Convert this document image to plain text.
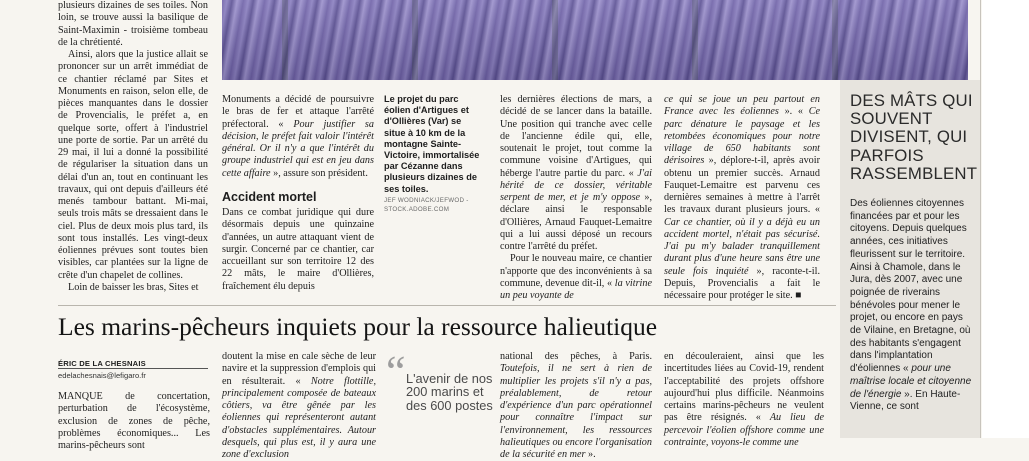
plusieurs dizaines de ses toiles. Non loin, se trouve aussi la basilique de Saint-Maximin - troisième tombeau de la chrétienté.

Ainsi, alors que la justice allait se prononcer sur un arrêt immédiat de ce chantier réclamé par Sites et Monuments en raison, selon elle, de pièces manquantes dans le dossier de Provencialis, le préfet a, en quelque sorte, offert à l'industriel une porte de sortie. Par un arrêté du 29 mai, il lui a donné la possibilité de régulariser la situation dans un délai d'un an, tout en continuant les travaux, qui ont depuis d'ailleurs été menés tambour battant. Mi-mai, seuls trois mâts se dressaient dans le ciel. Plus de deux mois plus tard, ils sont tous installés. Les vingt-deux éoliennes prévues sont toutes bien visibles, car plantées sur la ligne de crête d'un chapelet de collines.

Loin de baisser les bras, Sites et

Monuments a décidé de poursuivre le bras de fer et attaque l'arrêté préfectoral. « Pour justifier sa décision, le préfet fait valoir l'intérêt général. Or il n'y a que l'intérêt du groupe industriel qui est en jeu dans cette affaire », assure son président.

Accident mortel

Dans ce combat juridique qui dure désormais depuis une quinzaine d'années, un autre attaquant vient de surgir. Concerné par ce chantier, car accueillant sur son territoire 12 des 22 mâts, le maire d'Ollières, fraîchement élu depuis

Le projet du parc éolien d'Artigues et d'Ollières (Var) se situe à 10 km de la montagne Sainte-Victoire, immortalisée par Cézanne dans plusieurs dizaines de ses toiles.
JEF WODNIACK/JEFWOD - STOCK.ADOBE.COM

les dernières élections de mars, a décidé de se lancer dans la bataille. Une position qui tranche avec celle de l'ancienne édile qui, elle, soutenait le projet, tout comme la commune voisine d'Artigues, qui héberge l'autre partie du parc. « J'ai hérité de ce dossier, véritable serpent de mer, et je m'y oppose », déclare ainsi le responsable d'Ollières, Arnaud Fauquet-Lemaitre qui a lui aussi déposé un recours contre l'arrêté du préfet.

Pour le nouveau maire, ce chantier n'apporte que des inconvénients à sa commune, devenue dit-il, « la vitrine un peu voyante de

ce qui se joue un peu partout en France avec les éoliennes ». « Ce parc dénature le paysage et les retombées économiques pour notre village de 650 habitants sont dérisoires », déplore-t-il, après avoir obtenu un premier succès. Arnaud Fauquet-Lemaitre est parvenu ces dernières semaines à mettre à l'arrêt les travaux durant plusieurs jours. « Car ce chantier, où il y a déjà eu un accident mortel, n'était pas sécurisé. J'ai pu m'y balader tranquillement durant plus d'une heure sans être une seule fois inquiété », raconte-t-il. Depuis, Provencialis a fait le nécessaire pour protéger le site. ■

DES MÂTS QUI SOUVENT DIVISENT, QUI PARFOIS RASSEMBLENT
Des éoliennes citoyennes financées par et pour les citoyens. Depuis quelques années, ces initiatives fleurissent sur le territoire. Ainsi à Chamole, dans le Jura, dès 2007, avec une poignée de riverains bénévoles pour mener le projet, ou encore en pays de Vilaine, en Bretagne, où des habitants s'engagent dans l'implantation d'éoliennes « pour une maîtrise locale et citoyenne de l'énergie ». En Haute-Vienne, ce sont
Les marins-pêcheurs inquiets pour la ressource halieutique
ÉRIC DE LA CHESNAIS
edelachesnais@lefigaro.fr

MANQUE de concertation, perturbation de l'écosystème, exclusion de zones de pêche, problèmes économiques... Les marins-pêcheurs sont

doutent la mise en cale sèche de leur navire et la suppression d'emplois qui en résulterait. « Notre flottille, principalement composée de bateaux côtiers, va être gênée par les éoliennes qui représenteront autant d'obstacles supplémentaires. Autour desquels, qui plus est, il y aura une zone d'exclusion

“ L'avenir de nos 200 marins et des 600 postes

national des pêches, à Paris. Toutefois, il ne sert à rien de multiplier les projets s'il n'y a pas, préalablement, de retour d'expérience d'un parc opérationnel pour connaître l'impact sur l'environnement, les ressources halieutiques ou encore l'organisation de la sécurité en mer ».

en découleraient, ainsi que les incertitudes liées au Covid-19, rendent l'acceptabilité des projets offshore aujourd'hui plus difficile. Néanmoins certains marins-pêcheurs ne veulent pas être résignés. « Au lieu de percevoir l'éolien offshore comme une contrainte, voyons-le comme une
